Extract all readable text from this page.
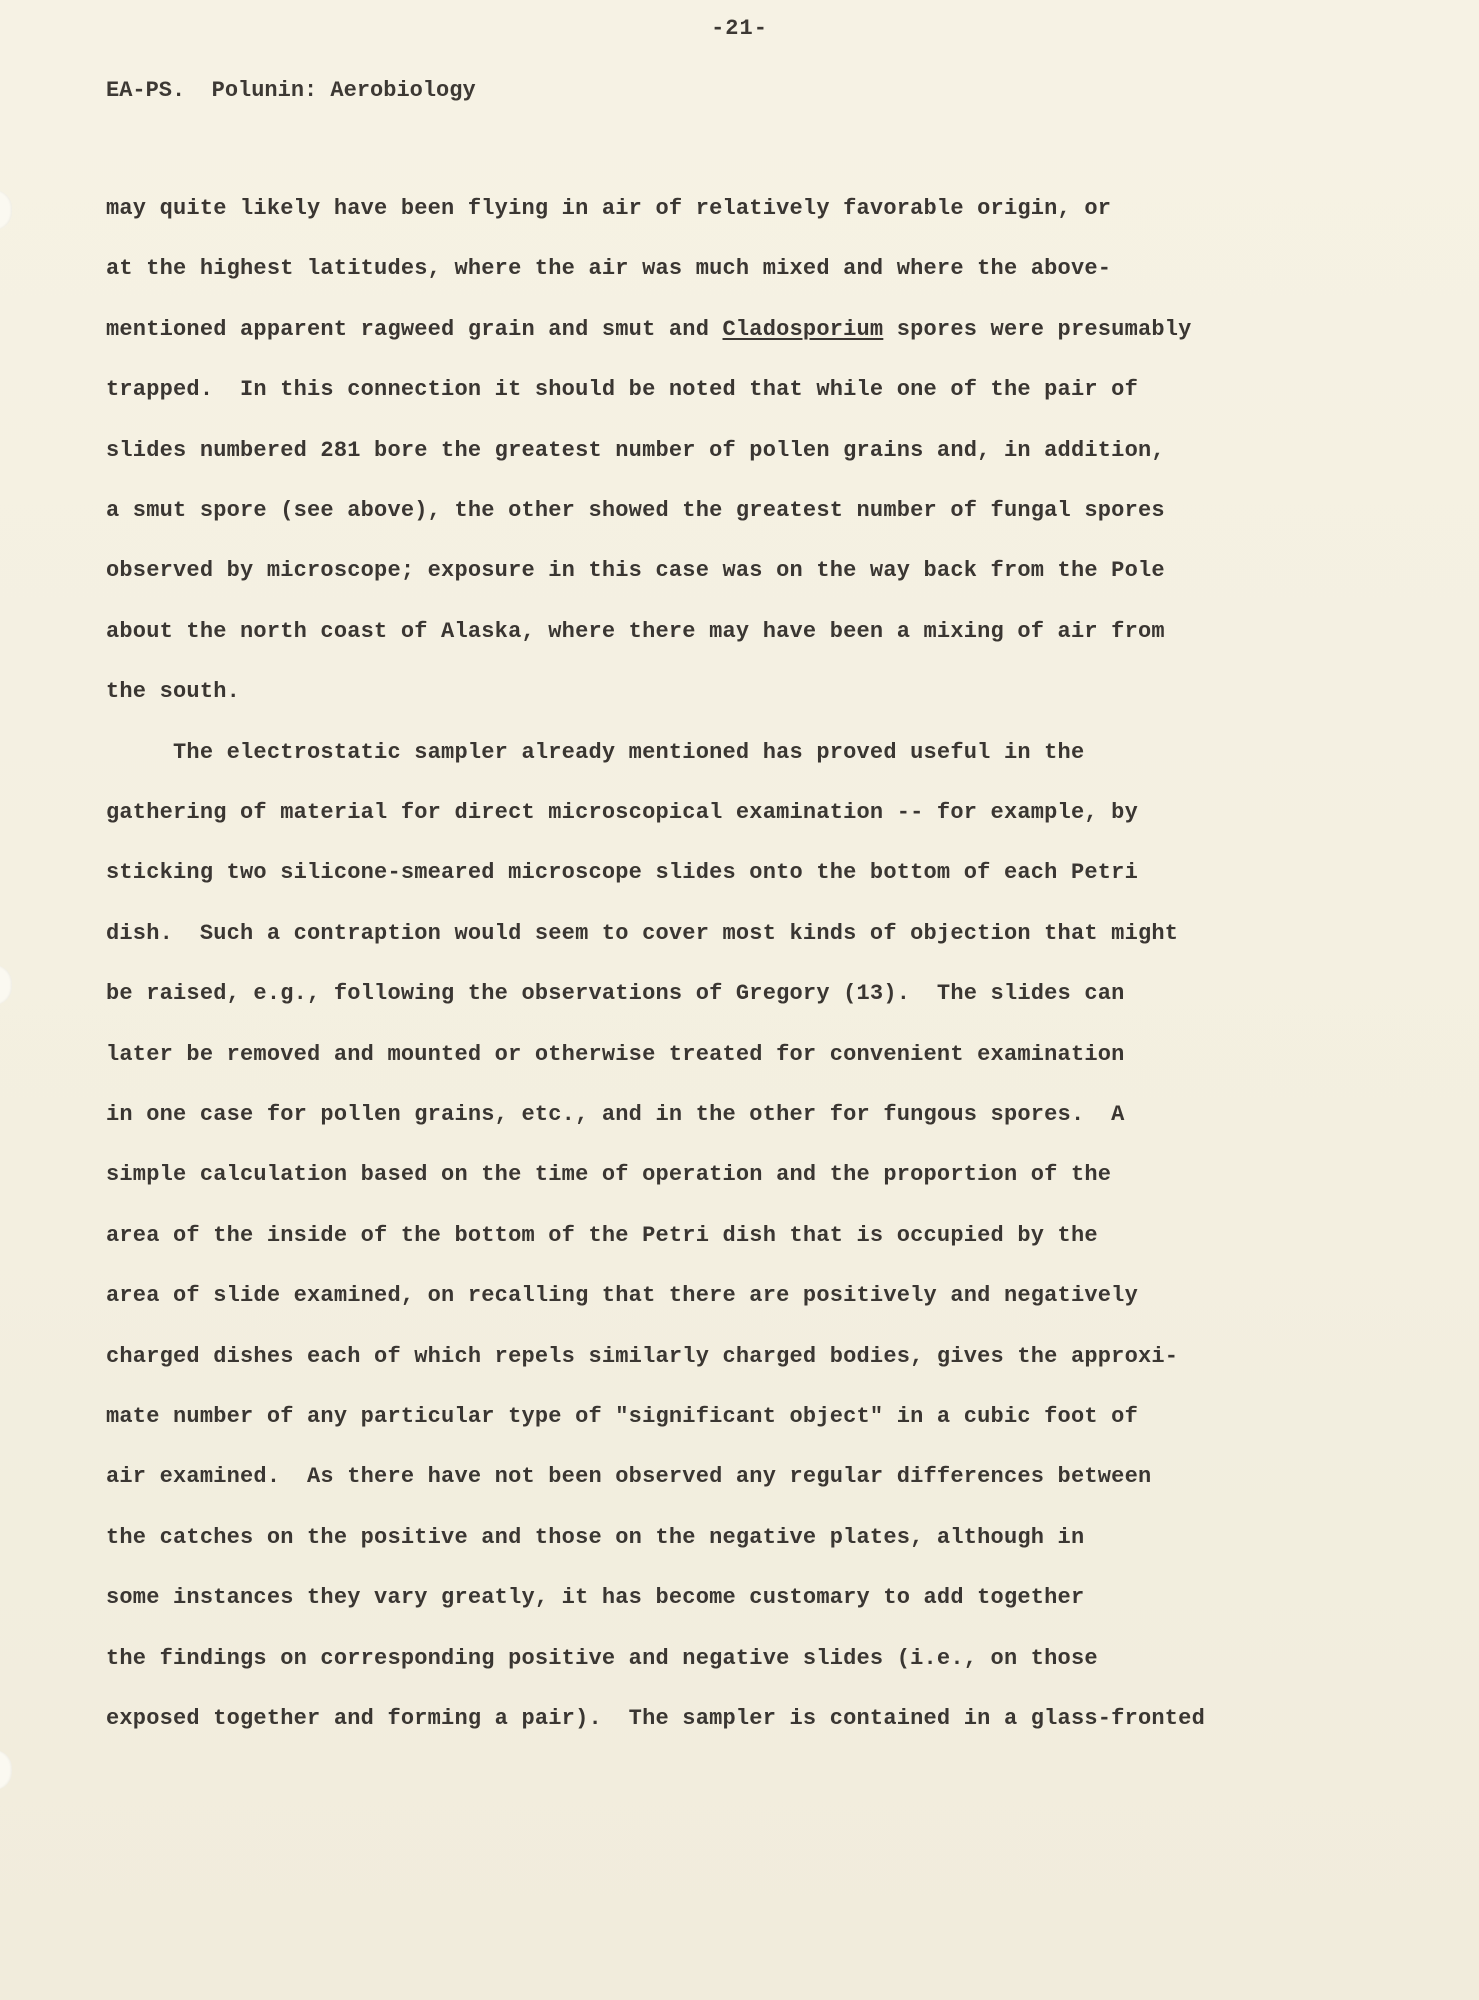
-21-
EA-PS.  Polunin: Aerobiology
may quite likely have been flying in air of relatively favorable origin, or
at the highest latitudes, where the air was much mixed and where the above-
mentioned apparent ragweed grain and smut and Cladosporium spores were presumably
trapped.  In this connection it should be noted that while one of the pair of
slides numbered 281 bore the greatest number of pollen grains and, in addition,
a smut spore (see above), the other showed the greatest number of fungal spores
observed by microscope; exposure in this case was on the way back from the Pole
about the north coast of Alaska, where there may have been a mixing of air from
the south.
The electrostatic sampler already mentioned has proved useful in the
gathering of material for direct microscopical examination -- for example, by
sticking two silicone-smeared microscope slides onto the bottom of each Petri
dish.  Such a contraption would seem to cover most kinds of objection that might
be raised, e.g., following the observations of Gregory (13).  The slides can
later be removed and mounted or otherwise treated for convenient examination
in one case for pollen grains, etc., and in the other for fungous spores.  A
simple calculation based on the time of operation and the proportion of the
area of the inside of the bottom of the Petri dish that is occupied by the
area of slide examined, on recalling that there are positively and negatively
charged dishes each of which repels similarly charged bodies, gives the approxi-
mate number of any particular type of "significant object" in a cubic foot of
air examined.  As there have not been observed any regular differences between
the catches on the positive and those on the negative plates, although in
some instances they vary greatly, it has become customary to add together
the findings on corresponding positive and negative slides (i.e., on those
exposed together and forming a pair).  The sampler is contained in a glass-fronted
